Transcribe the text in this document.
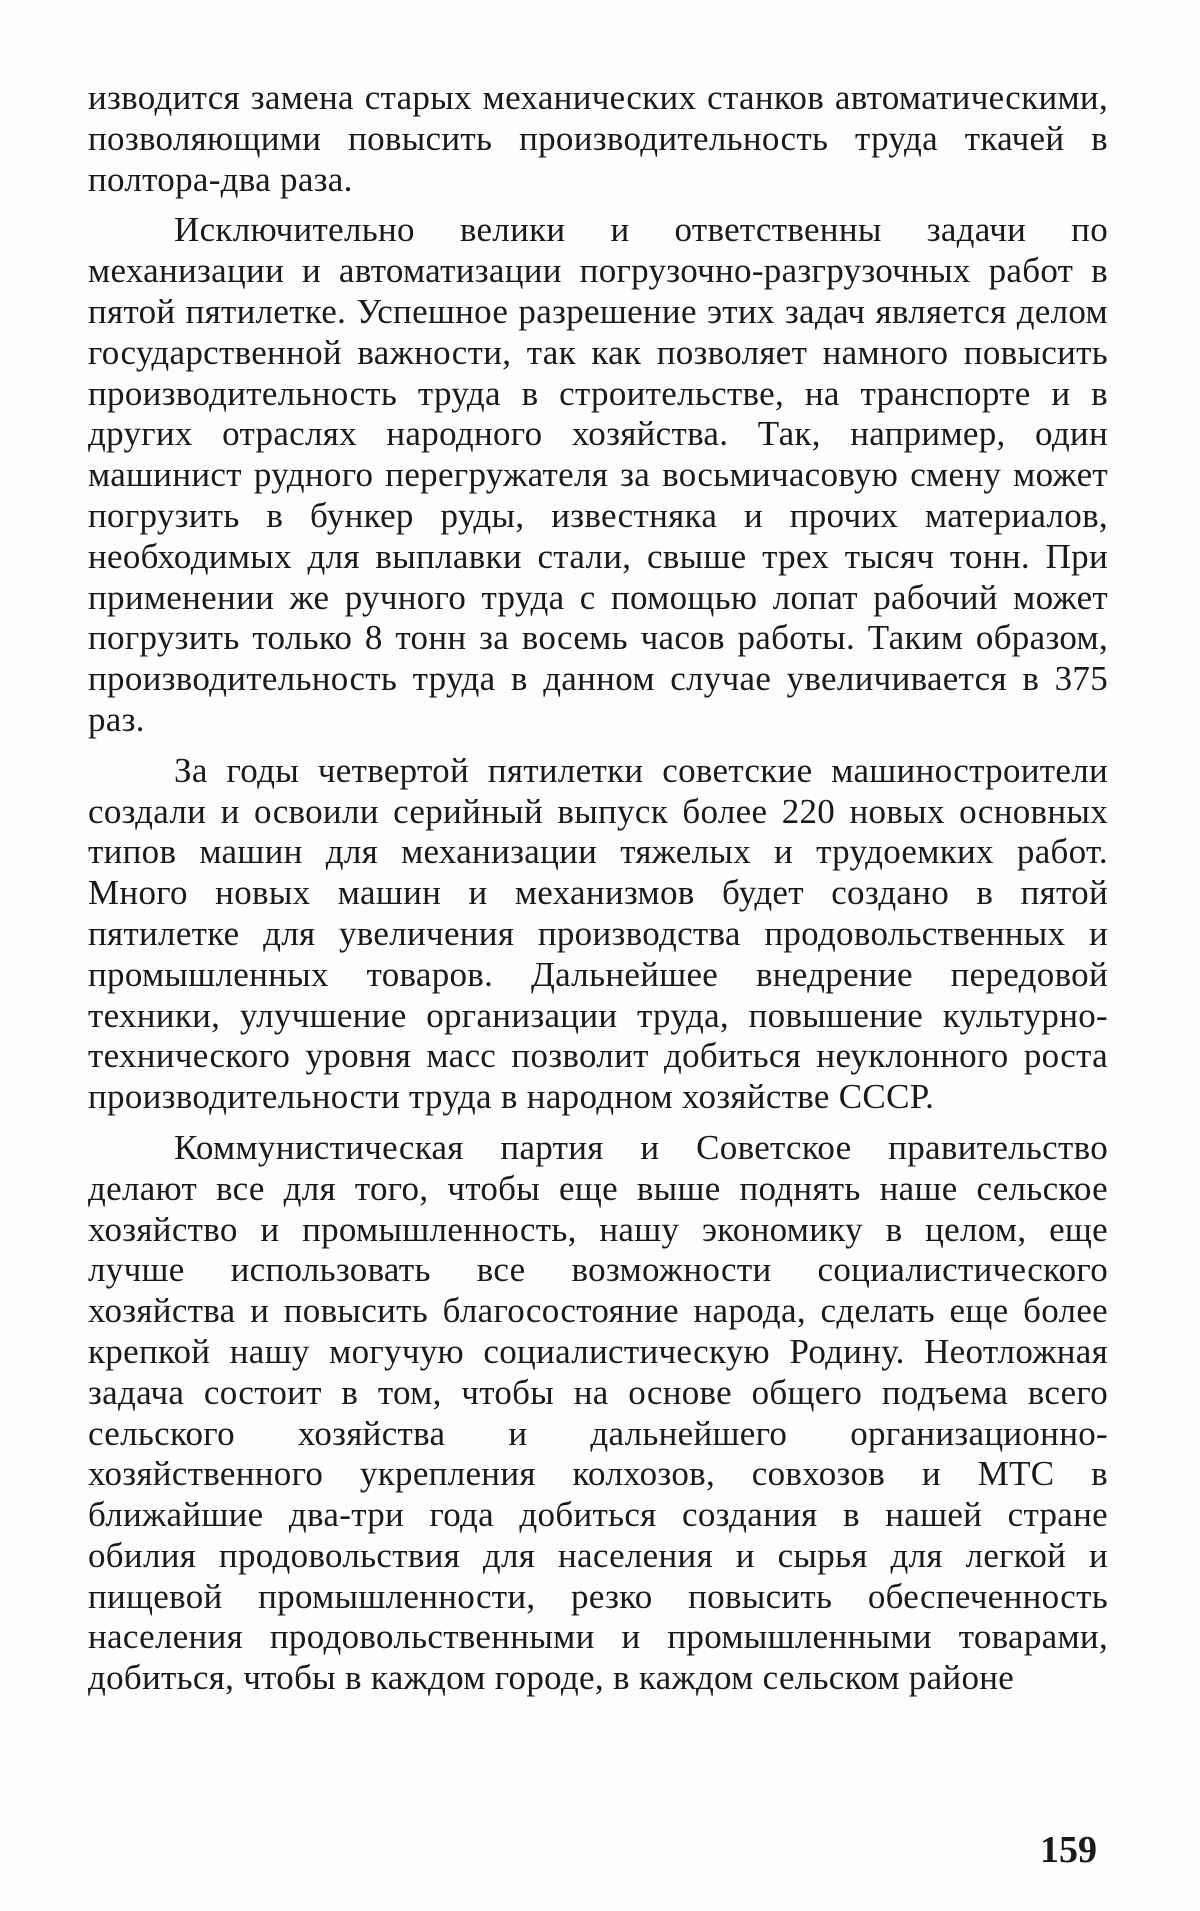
изводится замена старых механических станков автоматическими, позволяющими повысить производительность труда ткачей в полтора-два раза.

Исключительно велики и ответственны задачи по механизации и автоматизации погрузочно-разгрузочных работ в пятой пятилетке. Успешное разрешение этих задач является делом государственной важности, так как позволяет намного повысить производительность труда в строительстве, на транспорте и в других отраслях народного хозяйства. Так, например, один машинист рудного перегружателя за восьмичасовую смену может погрузить в бункер руды, известняка и прочих материалов, необходимых для выплавки стали, свыше трех тысяч тонн. При применении же ручного труда с помощью лопат рабочий может погрузить только 8 тонн за восемь часов работы. Таким образом, производительность труда в данном случае увеличивается в 375 раз.

За годы четвертой пятилетки советские машиностроители создали и освоили серийный выпуск более 220 новых основных типов машин для механизации тяжелых и трудоемких работ. Много новых машин и механизмов будет создано в пятой пятилетке для увеличения производства продовольственных и промышленных товаров. Дальнейшее внедрение передовой техники, улучшение организации труда, повышение культурно-технического уровня масс позволит добиться неуклонного роста производительности труда в народном хозяйстве СССР.

Коммунистическая партия и Советское правительство делают все для того, чтобы еще выше поднять наше сельское хозяйство и промышленность, нашу экономику в целом, еще лучше использовать все возможности социалистического хозяйства и повысить благосостояние народа, сделать еще более крепкой нашу могучую социалистическую Родину. Неотложная задача состоит в том, чтобы на основе общего подъема всего сельского хозяйства и дальнейшего организационно-хозяйственного укрепления колхозов, совхозов и МТС в ближайшие два-три года добиться создания в нашей стране обилия продовольствия для населения и сырья для легкой и пищевой промышленности, резко повысить обеспеченность населения продовольственными и промышленными товарами, добиться, чтобы в каждом городе, в каждом сельском районе

159
